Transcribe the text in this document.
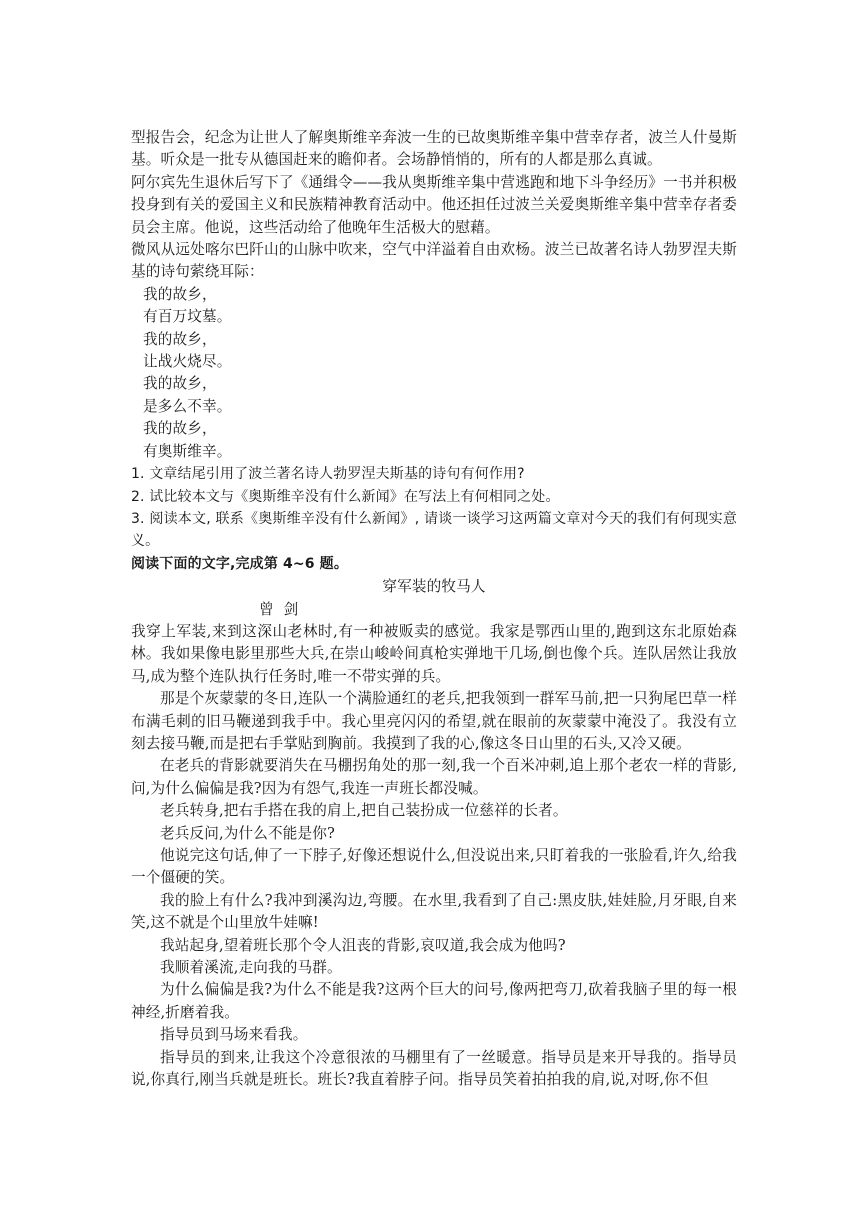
型报告会，纪念为让世人了解奥斯维辛奔波一生的已故奥斯维辛集中营幸存者，波兰人什曼斯基。听众是一批专从德国赶来的瞻仰者。会场静悄悄的，所有的人都是那么真诚。

阿尔宾先生退休后写下了《通缉令——我从奥斯维辛集中营逃跑和地下斗争经历》一书并积极投身到有关的爱国主义和民族精神教育活动中。他还担任过波兰关爱奥斯维辛集中营幸存者委员会主席。他说，这些活动给了他晚年生活极大的慰藉。

微风从远处喀尔巴阡山的山脉中吹来，空气中洋溢着自由欢杨。波兰已故著名诗人勃罗涅夫斯基的诗句萦绕耳际：

我的故乡，

有百万坟墓。

我的故乡，

让战火烧尽。

我的故乡，

是多么不幸。

我的故乡，

有奥斯维辛。

1. 文章结尾引用了波兰著名诗人勃罗涅夫斯基的诗句有何作用?

2. 试比较本文与《奥斯维辛没有什么新闻》在写法上有何相同之处。

3. 阅读本文, 联系《奥斯维辛没有什么新闻》, 请谈一谈学习这两篇文章对今天的我们有何现实意义。

阅读下面的文字,完成第 4~6 题。

穿军装的牧马人

曾剑

我穿上军装,来到这深山老林时,有一种被贩卖的感觉。我家是鄂西山里的,跑到这东北原始森林。我如果像电影里那些大兵,在崇山峻岭间真枪实弹地干几场,倒也像个兵。连队居然让我放马,成为整个连队执行任务时,唯一不带实弹的兵。

那是个灰蒙蒙的冬日,连队一个满脸通红的老兵,把我领到一群军马前,把一只狗尾巴草一样布满毛刺的旧马鞭递到我手中。我心里亮闪闪的希望,就在眼前的灰蒙蒙中淹没了。我没有立刻去接马鞭,而是把右手掌贴到胸前。我摸到了我的心,像这冬日山里的石头,又冷又硬。

在老兵的背影就要消失在马棚拐角处的那一刻,我一个百米冲刺,追上那个老农一样的背影,问,为什么偏偏是我?因为有怨气,我连一声班长都没喊。

老兵转身,把右手搭在我的肩上,把自己装扮成一位慈祥的长者。

老兵反问,为什么不能是你?

他说完这句话,伸了一下脖子,好像还想说什么,但没说出来,只盯着我的一张脸看,许久,给我一个僵硬的笑。

我的脸上有什么?我冲到溪沟边,弯腰。在水里,我看到了自己:黑皮肤,娃娃脸,月牙眼,自来笑,这不就是个山里放牛娃嘛!

我站起身,望着班长那个令人沮丧的背影,哀叹道,我会成为他吗?

我顺着溪流,走向我的马群。

为什么偏偏是我?为什么不能是我?这两个巨大的问号,像两把弯刀,砍着我脑子里的每一根神经,折磨着我。

指导员到马场来看我。

指导员的到来,让我这个冷意很浓的马棚里有了一丝暖意。指导员是来开导我的。指导员说,你真行,刚当兵就是班长。班长?我直着脖子问。指导员笑着拍拍我的肩,说,对呀,你不但
